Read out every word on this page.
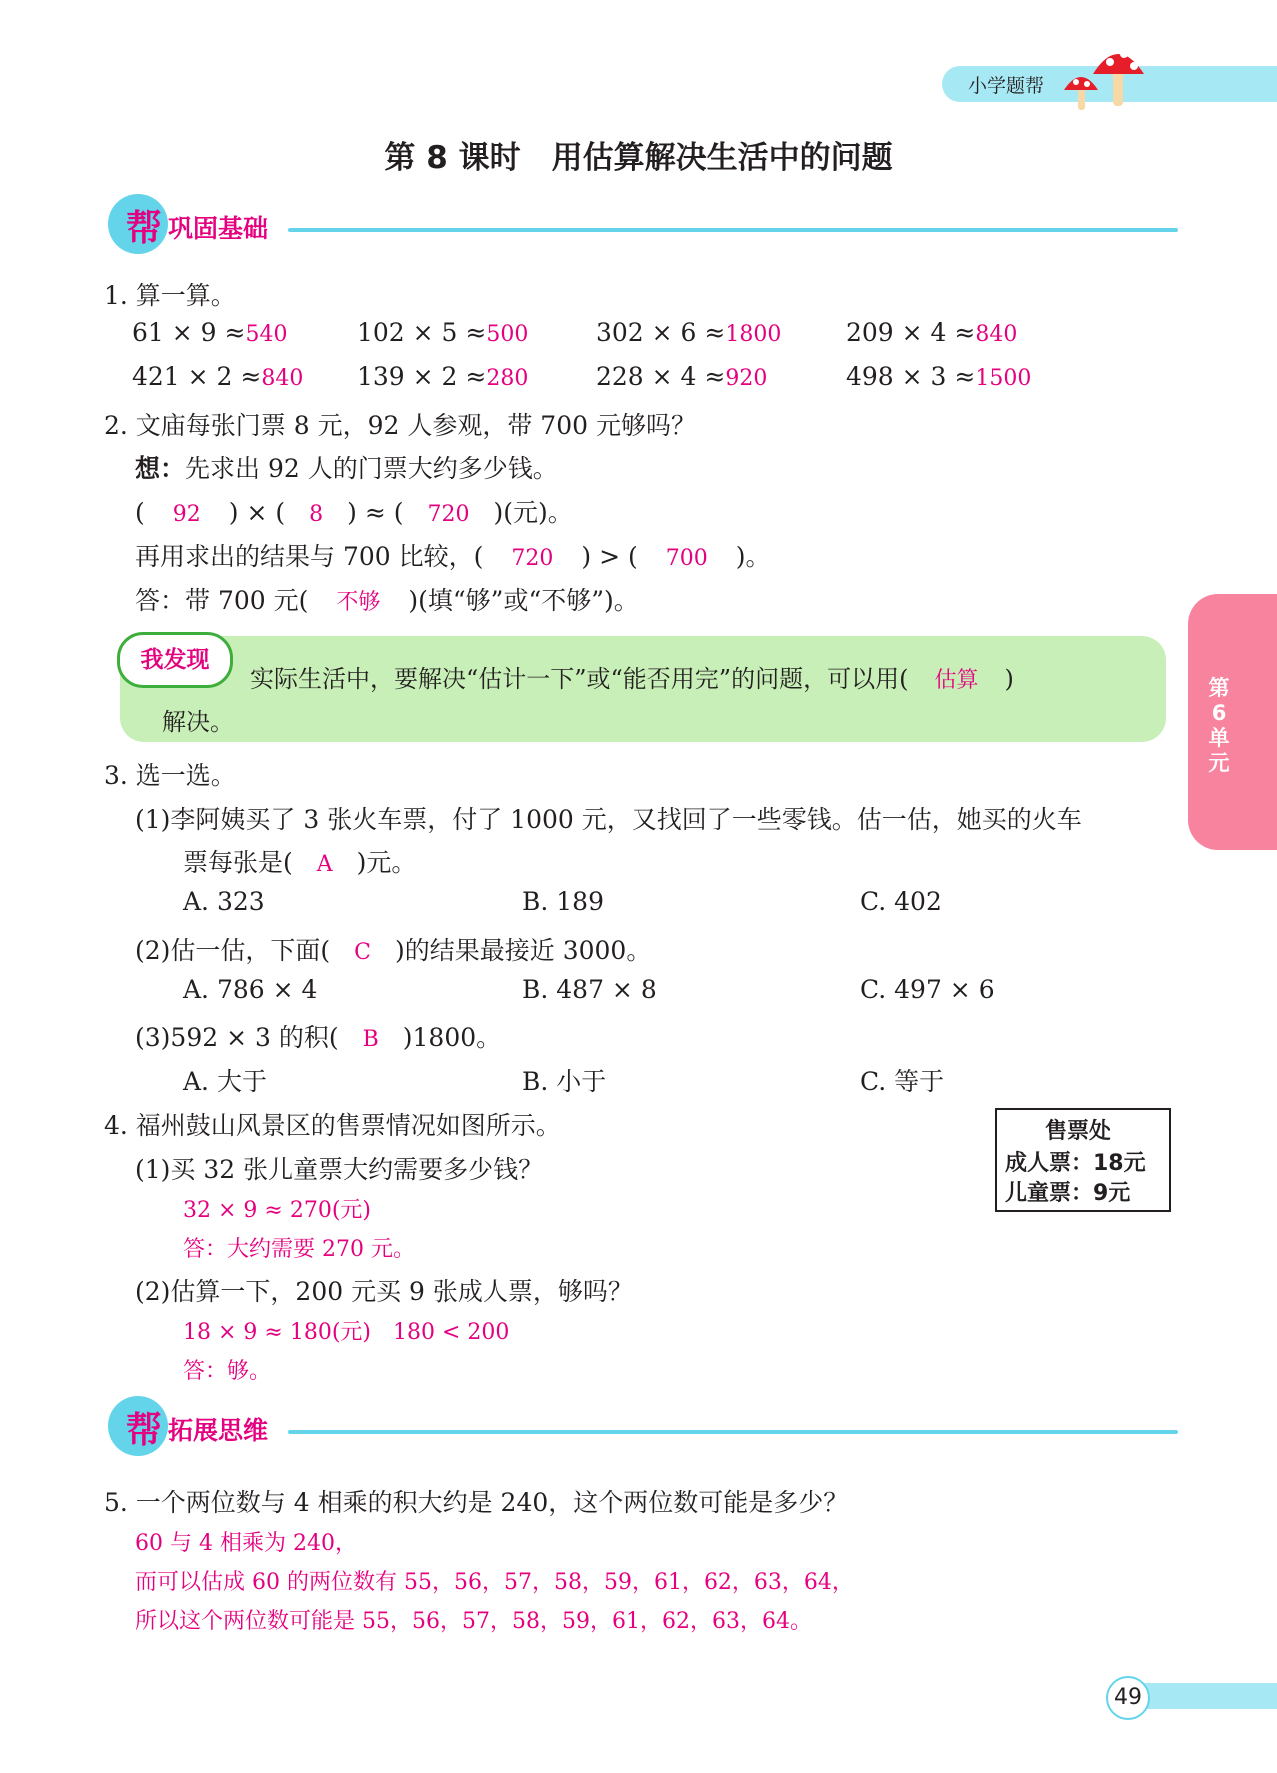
小学题帮
第 8 课时　用估算解决生活中的问题
帮 巩固基础
1. 算一算。
61 × 9 ≈540	102 × 5 ≈500	302 × 6 ≈1800	209 × 4 ≈840
421 × 2 ≈840 139 × 2 ≈280	228 × 4 ≈920	498 × 3 ≈1500
2. 文庙每张门票 8 元，92 人参观，带 700 元够吗？
想：先求出 92 人的门票大约多少钱。
( 92 ) × ( 8 ) ≈ ( 720 )(元)。
再用求出的结果与 700 比较，( 720 ) > ( 700 )。
答：带 700 元( 不够 )(填“够”或“不够”)。
我发现
实际生活中，要解决“估计一下”或“能否用完”的问题，可以用( 估算 )
解决。
第6单元
3. 选一选。
(1)李阿姨买了 3 张火车票，付了 1000 元，又找回了一些零钱。估一估，她买的火车
票每张是( A )元。
A. 323	B. 189	C. 402
(2)估一估，下面( C )的结果最接近 3000。
A. 786 × 4	B. 487 × 8	C. 497 × 6
(3)592 × 3 的积( B )1800。
A. 大于	B. 小于	C. 等于
4. 福州鼓山风景区的售票情况如图所示。	售票处
成人票：18元
儿童票：9元
(1)买 32 张儿童票大约需要多少钱？
32 × 9 ≈ 270(元)
答：大约需要 270 元。
(2)估算一下，200 元买 9 张成人票，够吗？
18 × 9 ≈ 180(元)　180 < 200
答：够。
帮 拓展思维
5. 一个两位数与 4 相乘的积大约是 240，这个两位数可能是多少？
60 与 4 相乘为 240，
而可以估成 60 的两位数有 55，56，57，58，59，61，62，63，64，
所以这个两位数可能是 55，56，57，58，59，61，62，63，64。
49
